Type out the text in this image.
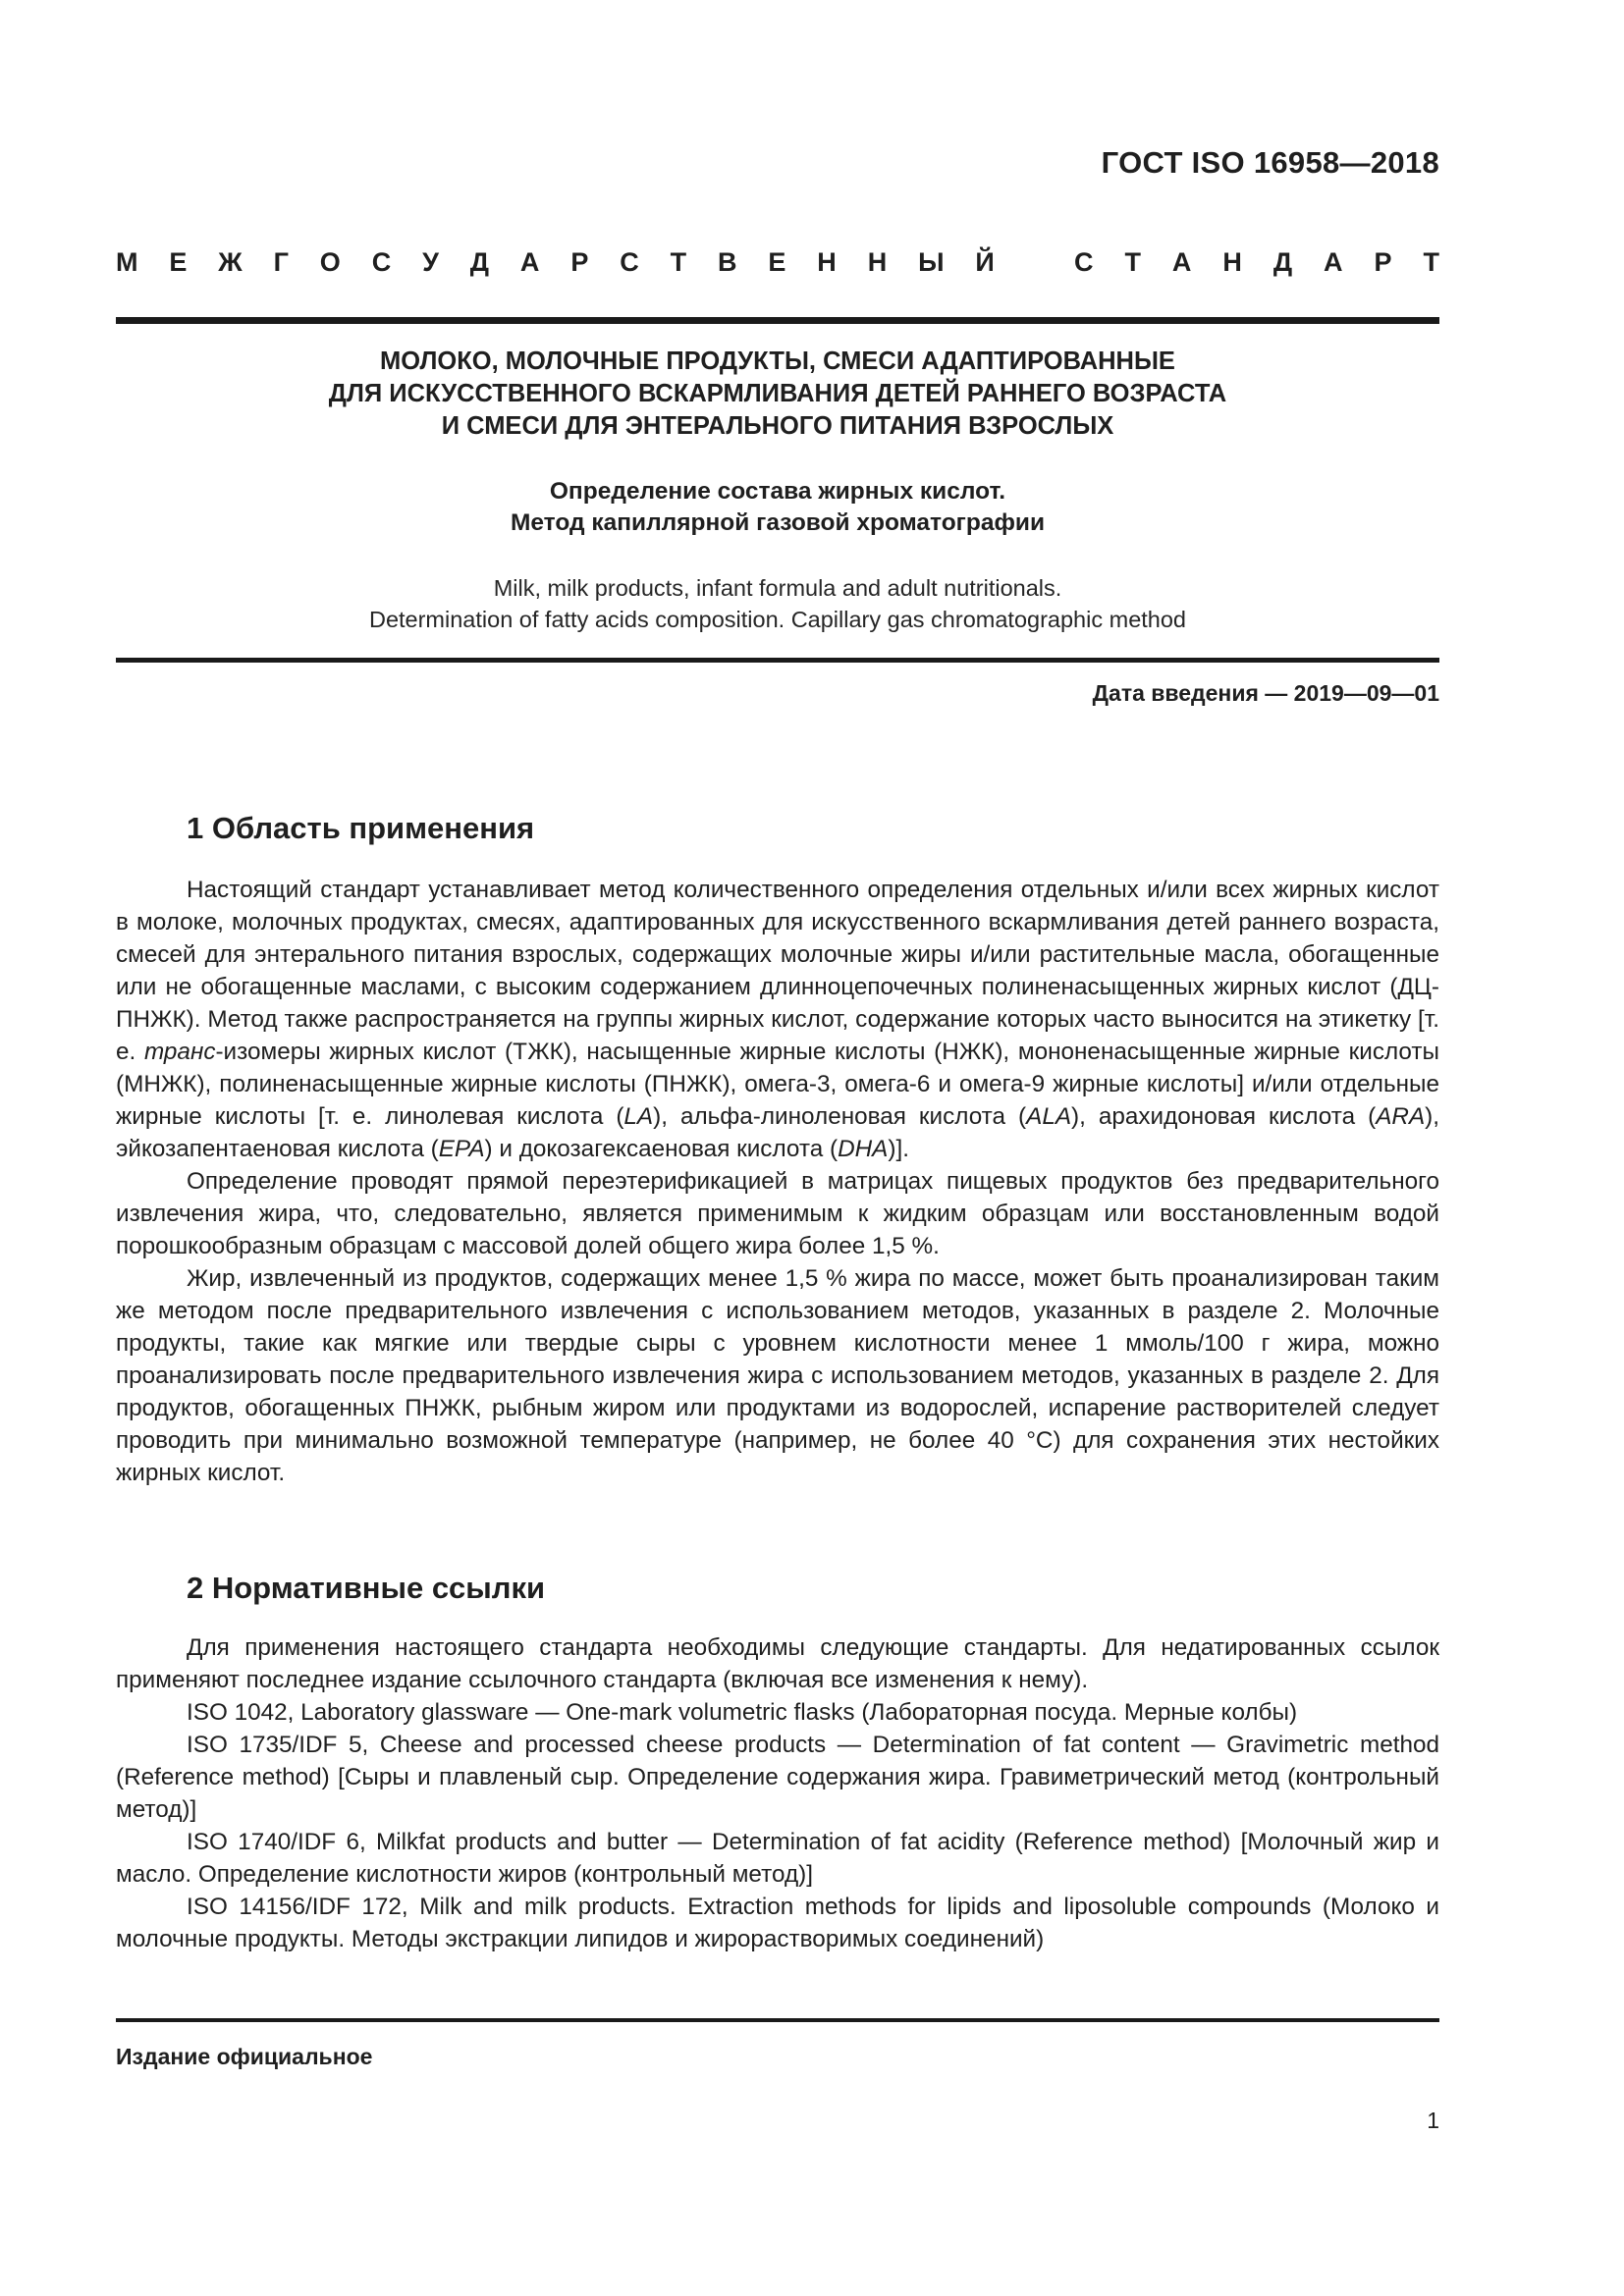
ГОСТ ISO 16958—2018
М Е Ж Г О С У Д А Р С Т В Е Н Н Ы Й	С Т А Н Д А Р Т
МОЛОКО, МОЛОЧНЫЕ ПРОДУКТЫ, СМЕСИ АДАПТИРОВАННЫЕ
ДЛЯ ИСКУССТВЕННОГО ВСКАРМЛИВАНИЯ ДЕТЕЙ РАННЕГО ВОЗРАСТА
И СМЕСИ ДЛЯ ЭНТЕРАЛЬНОГО ПИТАНИЯ ВЗРОСЛЫХ
Определение состава жирных кислот.
Метод капиллярной газовой хроматографии
Milk, milk products, infant formula and adult nutritionals.
Determination of fatty acids composition. Capillary gas chromatographic method
Дата введения — 2019—09—01
1 Область применения

Настоящий стандарт устанавливает метод количественного определения отдельных и/или всех жирных кислот в молоке, молочных продуктах, смесях, адаптированных для искусственного вскармливания детей раннего возраста, смесей для энтерального питания взрослых, содержащих молочные жиры и/или растительные масла, обогащенные или не обогащенные маслами, с высоким содержанием длинноцепочечных полиненасыщенных жирных кислот (ДЦ-ПНЖК). Метод также распространяется на группы жирных кислот, содержание которых часто выносится на этикетку [т. е. транс-изомеры жирных кислот (ТЖК), насыщенные жирные кислоты (НЖК), мононенасыщенные жирные кислоты (МНЖК), полиненасыщенные жирные кислоты (ПНЖК), омега-3, омега-6 и омега-9 жирные кислоты] и/или отдельные жирные кислоты [т. е. линолевая кислота (LA), альфа-линоленовая кислота (ALA), арахидоновая кислота (ARA), эйкозапентаеновая кислота (EPA) и докозагексаеновая кислота (DHA)].

Определение проводят прямой переэтерификацией в матрицах пищевых продуктов без предварительного извлечения жира, что, следовательно, является применимым к жидким образцам или восстановленным водой порошкообразным образцам с массовой долей общего жира более 1,5 %.

Жир, извлеченный из продуктов, содержащих менее 1,5 % жира по массе, может быть проанализирован таким же методом после предварительного извлечения с использованием методов, указанных в разделе 2. Молочные продукты, такие как мягкие или твердые сыры с уровнем кислотности менее 1 ммоль/100 г жира, можно проанализировать после предварительного извлечения жира с использованием методов, указанных в разделе 2. Для продуктов, обогащенных ПНЖК, рыбным жиром или продуктами из водорослей, испарение растворителей следует проводить при минимально возможной температуре (например, не более 40 °С) для сохранения этих нестойких жирных кислот.

2 Нормативные ссылки

Для применения настоящего стандарта необходимы следующие стандарты. Для недатированных ссылок применяют последнее издание ссылочного стандарта (включая все изменения к нему).

ISO 1042, Laboratory glassware — One-mark volumetric flasks (Лабораторная посуда. Мерные колбы)

ISO 1735/IDF 5, Cheese and processed cheese products — Determination of fat content — Gravimetric method (Reference method) [Сыры и плавленый сыр. Определение содержания жира. Гравиметрический метод (контрольный метод)]

ISO 1740/IDF 6, Milkfat products and butter — Determination of fat acidity (Reference method) [Молочный жир и масло. Определение кислотности жиров (контрольный метод)]

ISO 14156/IDF 172, Milk and milk products. Extraction methods for lipids and liposoluble compounds (Молоко и молочные продукты. Методы экстракции липидов и жирорастворимых соединений)

Издание официальное
1
